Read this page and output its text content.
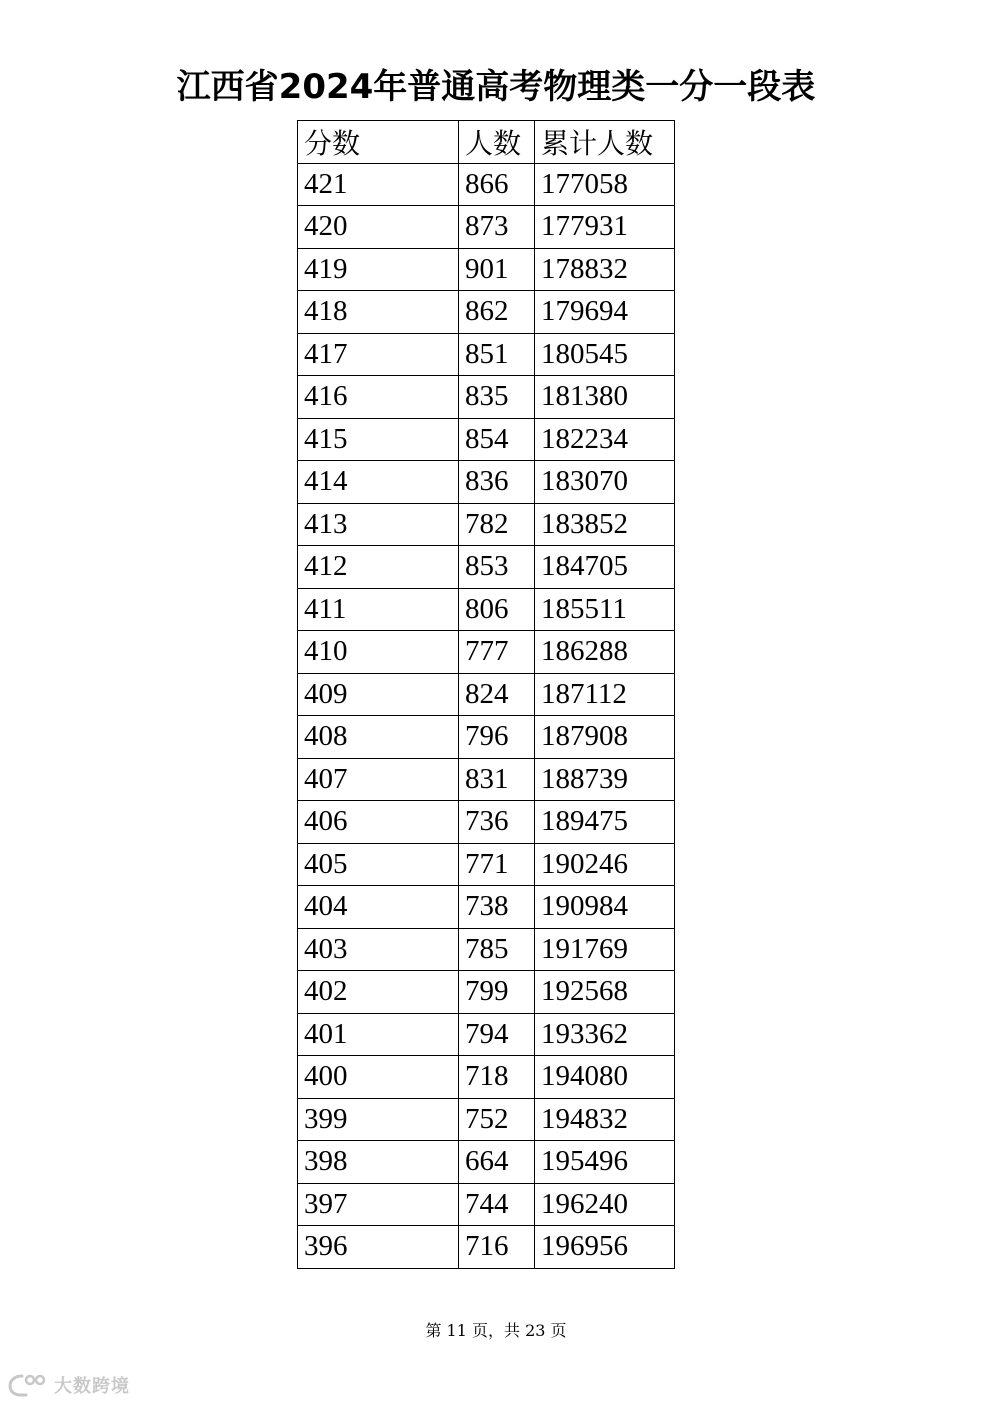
江西省2024年普通高考物理类一分一段表
分数	人数	累计人数
421	866	177058
420	873	177931
419	901	178832
418	862	179694
417	851	180545
416	835	181380
415	854	182234
414	836	183070
413	782	183852
412	853	184705
411	806	185511
410	777	186288
409	824	187112
408	796	187908
407	831	188739
406	736	189475
405	771	190246
404	738	190984
403	785	191769
402	799	192568
401	794	193362
400	718	194080
399	752	194832
398	664	195496
397	744	196240
396	716	196956
第 11 页，共 23 页
大数跨境
